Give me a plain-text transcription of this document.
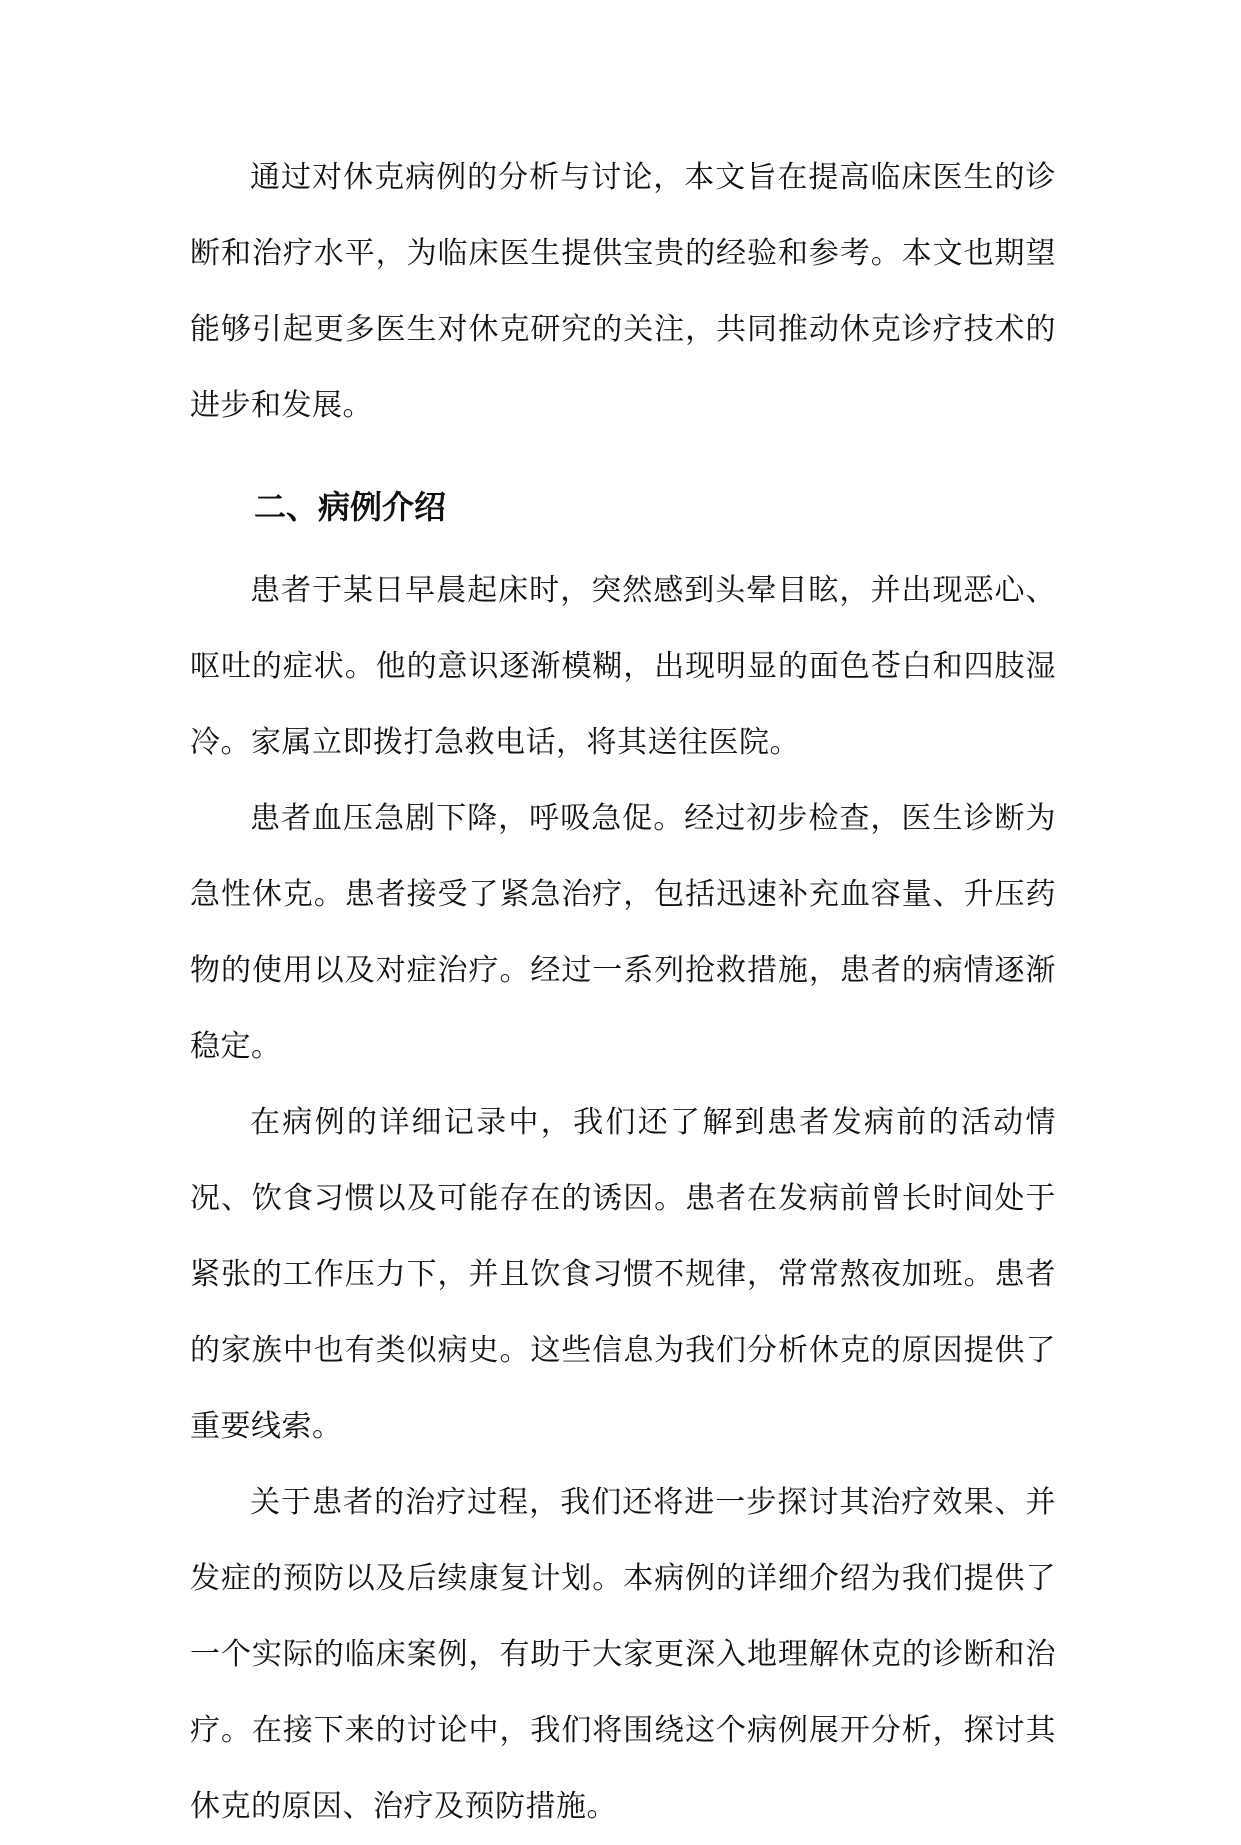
通过对休克病例的分析与讨论，本文旨在提高临床医生的诊断和治疗水平，为临床医生提供宝贵的经验和参考。本文也期望能够引起更多医生对休克研究的关注，共同推动休克诊疗技术的进步和发展。

二、病例介绍

患者于某日早晨起床时，突然感到头晕目眩，并出现恶心、呕吐的症状。他的意识逐渐模糊，出现明显的面色苍白和四肢湿冷。家属立即拨打急救电话，将其送往医院。

患者血压急剧下降，呼吸急促。经过初步检查，医生诊断为急性休克。患者接受了紧急治疗，包括迅速补充血容量、升压药物的使用以及对症治疗。经过一系列抢救措施，患者的病情逐渐稳定。

在病例的详细记录中，我们还了解到患者发病前的活动情况、饮食习惯以及可能存在的诱因。患者在发病前曾长时间处于紧张的工作压力下，并且饮食习惯不规律，常常熬夜加班。患者的家族中也有类似病史。这些信息为我们分析休克的原因提供了重要线索。

关于患者的治疗过程，我们还将进一步探讨其治疗效果、并发症的预防以及后续康复计划。本病例的详细介绍为我们提供了一个实际的临床案例，有助于大家更深入地理解休克的诊断和治疗。在接下来的讨论中，我们将围绕这个病例展开分析，探讨其休克的原因、治疗及预防措施。
